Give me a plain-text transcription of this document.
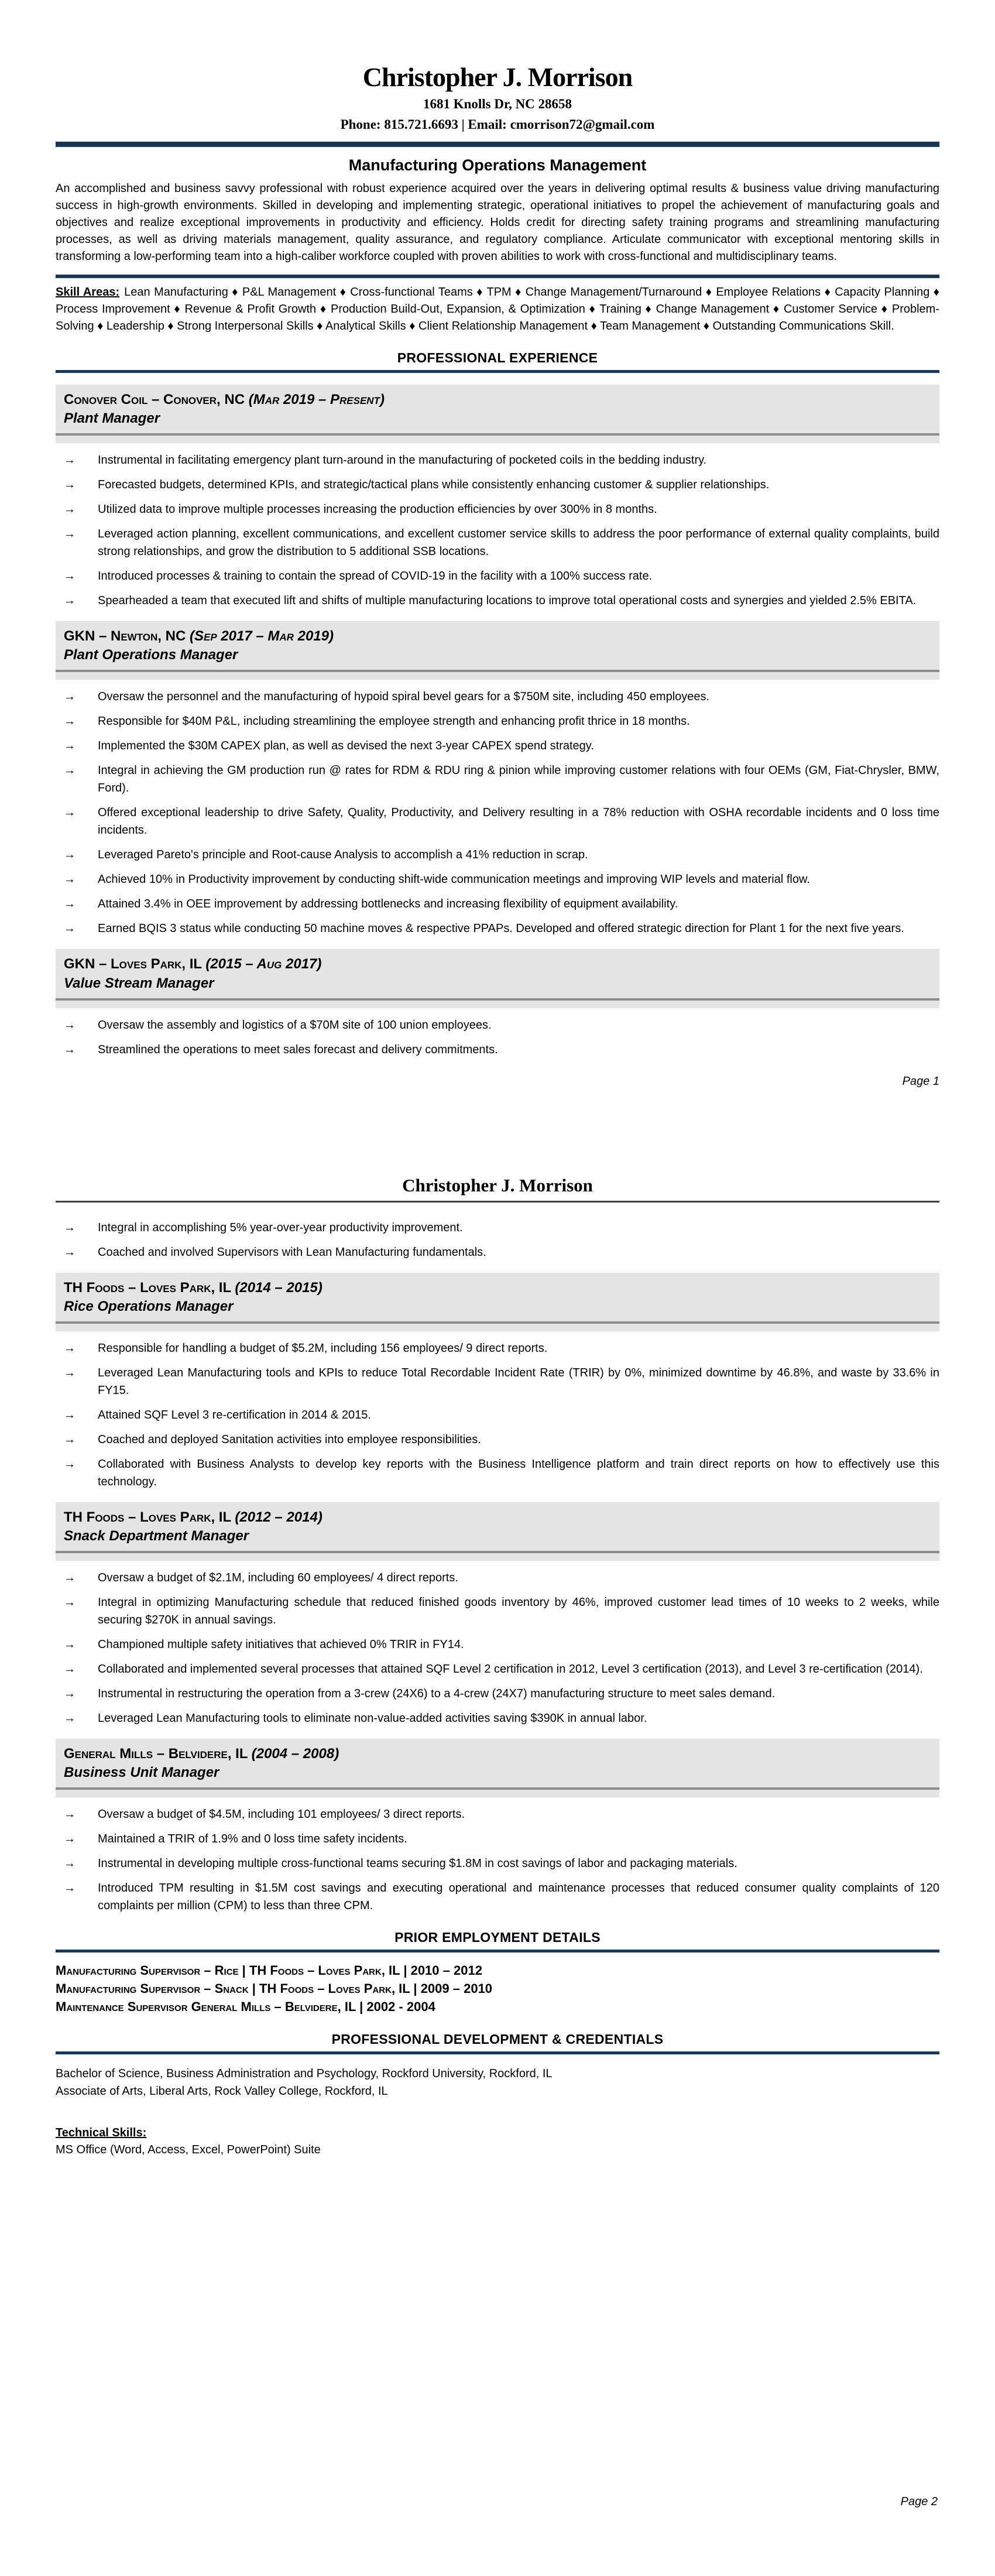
Christopher J. Morrison
1681 Knolls Dr, NC 28658
Phone: 815.721.6693 | Email: cmorrison72@gmail.com
Manufacturing Operations Management

An accomplished and business savvy professional with robust experience acquired over the years in delivering optimal results & business value driving manufacturing success in high-growth environments. Skilled in developing and implementing strategic, operational initiatives to propel the achievement of manufacturing goals and objectives and realize exceptional improvements in productivity and efficiency. Holds credit for directing safety training programs and streamlining manufacturing processes, as well as driving materials management, quality assurance, and regulatory compliance. Articulate communicator with exceptional mentoring skills in transforming a low-performing team into a high-caliber workforce coupled with proven abilities to work with cross-functional and multidisciplinary teams.

Skill Areas: Lean Manufacturing ♦ P&L Management ♦ Cross-functional Teams ♦ TPM ♦ Change Management/Turnaround ♦ Employee Relations ♦ Capacity Planning ♦ Process Improvement ♦ Revenue & Profit Growth ♦ Production Build-Out, Expansion, & Optimization ♦ Training ♦ Change Management ♦ Customer Service ♦ Problem-Solving ♦ Leadership ♦ Strong Interpersonal Skills ♦ Analytical Skills ♦ Client Relationship Management ♦ Team Management ♦ Outstanding Communications Skill.

PROFESSIONAL EXPERIENCE
Conover Coil – Conover, NC (Mar 2019 – Present)
Plant Manager
→ Instrumental in facilitating emergency plant turn-around in the manufacturing of pocketed coils in the bedding industry.
→ Forecasted budgets, determined KPIs, and strategic/tactical plans while consistently enhancing customer & supplier relationships.
→ Utilized data to improve multiple processes increasing the production efficiencies by over 300% in 8 months.
→ Leveraged action planning, excellent communications, and excellent customer service skills to address the poor performance of external quality complaints, build strong relationships, and grow the distribution to 5 additional SSB locations.
→ Introduced processes & training to contain the spread of COVID-19 in the facility with a 100% success rate.
→ Spearheaded a team that executed lift and shifts of multiple manufacturing locations to improve total operational costs and synergies and yielded 2.5% EBITA.
GKN – Newton, NC (Sep 2017 – Mar 2019)
Plant Operations Manager
→ Oversaw the personnel and the manufacturing of hypoid spiral bevel gears for a $750M site, including 450 employees.
→ Responsible for $40M P&L, including streamlining the employee strength and enhancing profit thrice in 18 months.
→ Implemented the $30M CAPEX plan, as well as devised the next 3-year CAPEX spend strategy.
→ Integral in achieving the GM production run @ rates for RDM & RDU ring & pinion while improving customer relations with four OEMs (GM, Fiat-Chrysler, BMW, Ford).
→ Offered exceptional leadership to drive Safety, Quality, Productivity, and Delivery resulting in a 78% reduction with OSHA recordable incidents and 0 loss time incidents.
→ Leveraged Pareto's principle and Root-cause Analysis to accomplish a 41% reduction in scrap.
→ Achieved 10% in Productivity improvement by conducting shift-wide communication meetings and improving WIP levels and material flow.
→ Attained 3.4% in OEE improvement by addressing bottlenecks and increasing flexibility of equipment availability.
→ Earned BQIS 3 status while conducting 50 machine moves & respective PPAPs. Developed and offered strategic direction for Plant 1 for the next five years.
GKN – Loves Park, IL (2015 – Aug 2017)
Value Stream Manager
→ Oversaw the assembly and logistics of a $70M site of 100 union employees.
→ Streamlined the operations to meet sales forecast and delivery commitments.
Page 1
Christopher J. Morrison
→ Integral in accomplishing 5% year-over-year productivity improvement.
→ Coached and involved Supervisors with Lean Manufacturing fundamentals.
TH Foods – Loves Park, IL (2014 – 2015)
Rice Operations Manager
→ Responsible for handling a budget of $5.2M, including 156 employees/ 9 direct reports.
→ Leveraged Lean Manufacturing tools and KPIs to reduce Total Recordable Incident Rate (TRIR) by 0%, minimized downtime by 46.8%, and waste by 33.6% in FY15.
→ Attained SQF Level 3 re-certification in 2014 & 2015.
→ Coached and deployed Sanitation activities into employee responsibilities.
→ Collaborated with Business Analysts to develop key reports with the Business Intelligence platform and train direct reports on how to effectively use this technology.
TH Foods – Loves Park, IL (2012 – 2014)
Snack Department Manager
→ Oversaw a budget of $2.1M, including 60 employees/ 4 direct reports.
→ Integral in optimizing Manufacturing schedule that reduced finished goods inventory by 46%, improved customer lead times of 10 weeks to 2 weeks, while securing $270K in annual savings.
→ Championed multiple safety initiatives that achieved 0% TRIR in FY14.
→ Collaborated and implemented several processes that attained SQF Level 2 certification in 2012, Level 3 certification (2013), and Level 3 re-certification (2014).
→ Instrumental in restructuring the operation from a 3-crew (24X6) to a 4-crew (24X7) manufacturing structure to meet sales demand.
→ Leveraged Lean Manufacturing tools to eliminate non-value-added activities saving $390K in annual labor.
General Mills – Belvidere, IL (2004 – 2008)
Business Unit Manager
→ Oversaw a budget of $4.5M, including 101 employees/ 3 direct reports.
→ Maintained a TRIR of 1.9% and 0 loss time safety incidents.
→ Instrumental in developing multiple cross-functional teams securing $1.8M in cost savings of labor and packaging materials.
→ Introduced TPM resulting in $1.5M cost savings and executing operational and maintenance processes that reduced consumer quality complaints of 120 complaints per million (CPM) to less than three CPM.
PRIOR EMPLOYMENT DETAILS
Manufacturing Supervisor – Rice | TH Foods – Loves Park, IL | 2010 – 2012
Manufacturing Supervisor – Snack | TH Foods – Loves Park, IL | 2009 – 2010
Maintenance Supervisor General Mills – Belvidere, IL | 2002 - 2004
PROFESSIONAL DEVELOPMENT & CREDENTIALS
Bachelor of Science, Business Administration and Psychology, Rockford University, Rockford, IL
Associate of Arts, Liberal Arts, Rock Valley College, Rockford, IL
Technical Skills:
MS Office (Word, Access, Excel, PowerPoint) Suite
Page 2
